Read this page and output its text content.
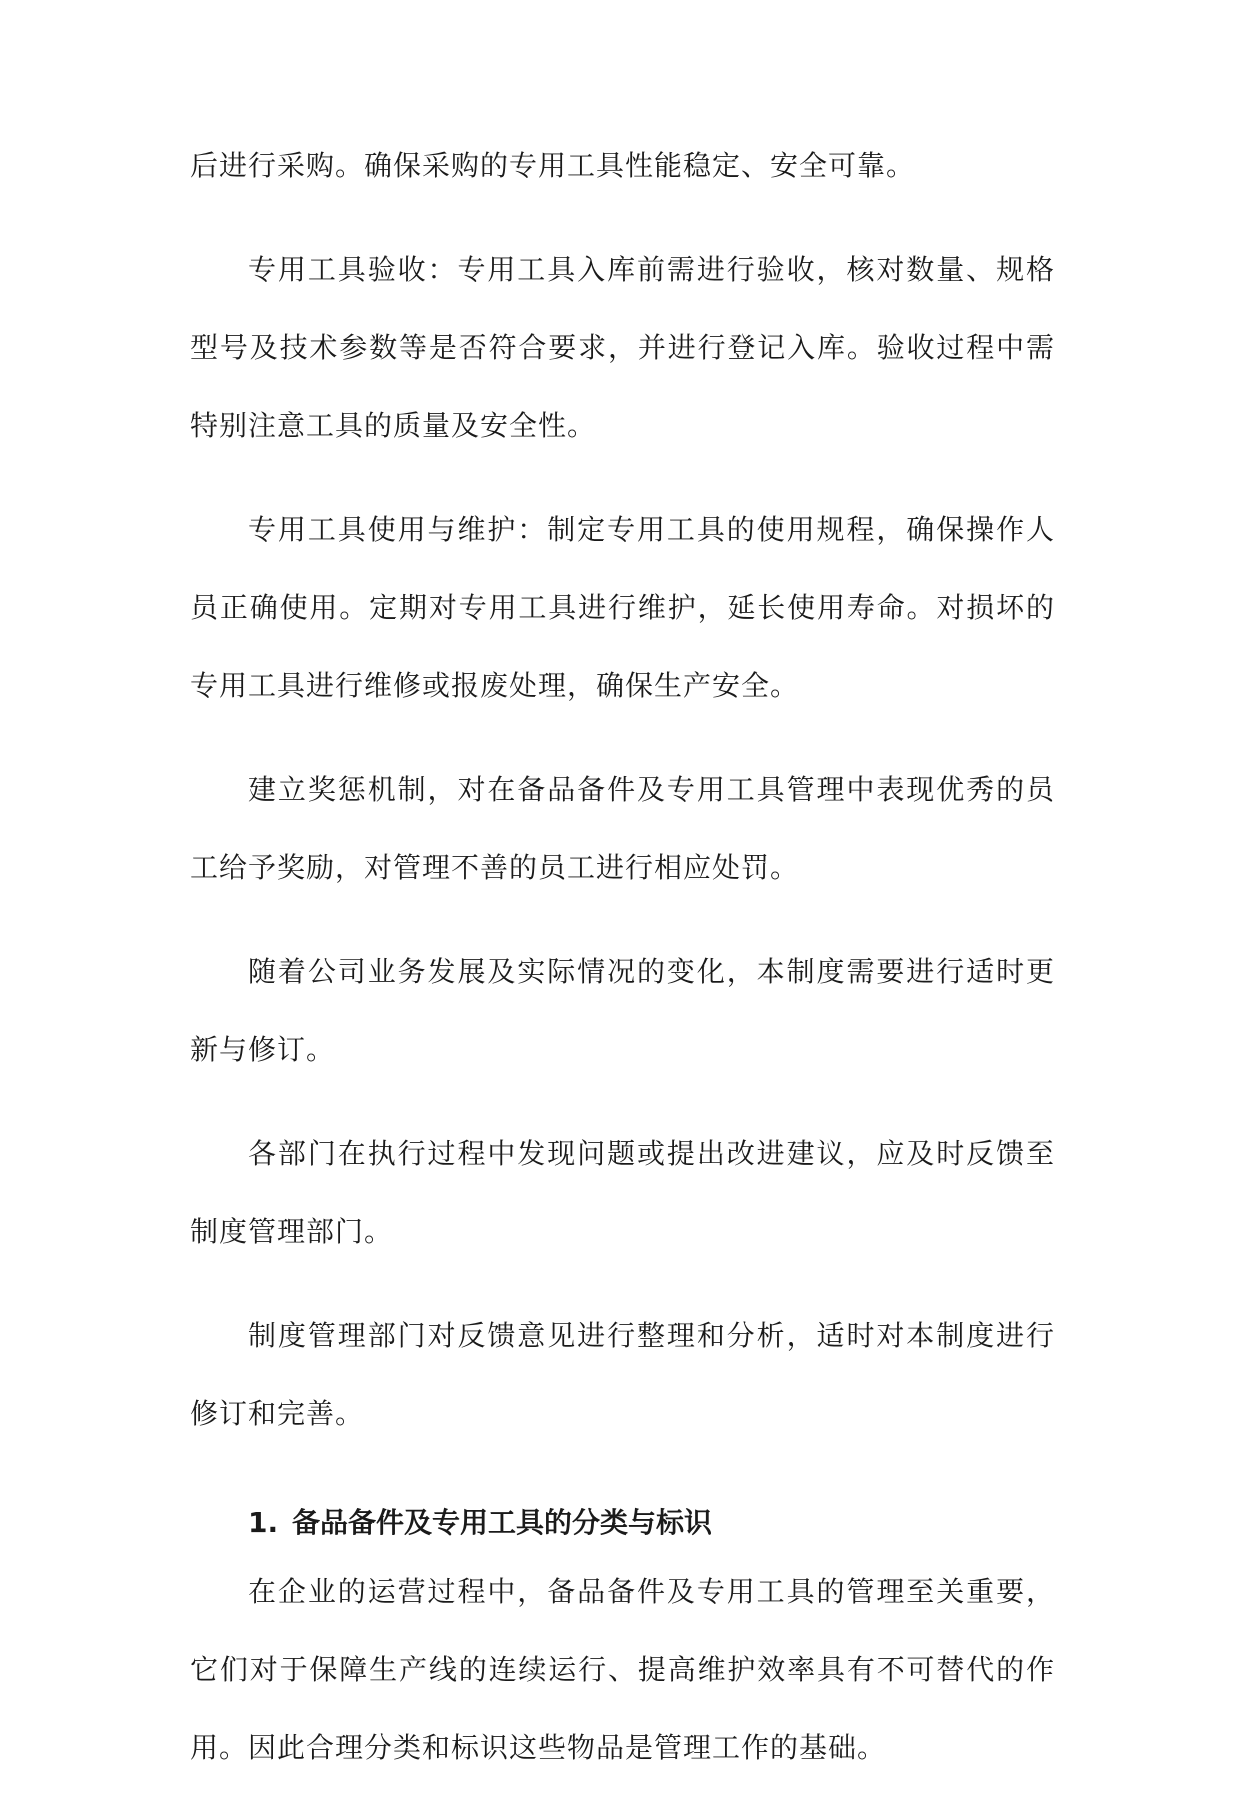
后进行采购。确保采购的专用工具性能稳定、安全可靠。

专用工具验收：专用工具入库前需进行验收，核对数量、规格型号及技术参数等是否符合要求，并进行登记入库。验收过程中需特别注意工具的质量及安全性。

专用工具使用与维护：制定专用工具的使用规程，确保操作人员正确使用。定期对专用工具进行维护，延长使用寿命。对损坏的专用工具进行维修或报废处理，确保生产安全。

建立奖惩机制，对在备品备件及专用工具管理中表现优秀的员工给予奖励，对管理不善的员工进行相应处罚。

随着公司业务发展及实际情况的变化，本制度需要进行适时更新与修订。

各部门在执行过程中发现问题或提出改进建议，应及时反馈至制度管理部门。

制度管理部门对反馈意见进行整理和分析，适时对本制度进行修订和完善。

1. 备品备件及专用工具的分类与标识

在企业的运营过程中，备品备件及专用工具的管理至关重要，它们对于保障生产线的连续运行、提高维护效率具有不可替代的作用。因此合理分类和标识这些物品是管理工作的基础。
